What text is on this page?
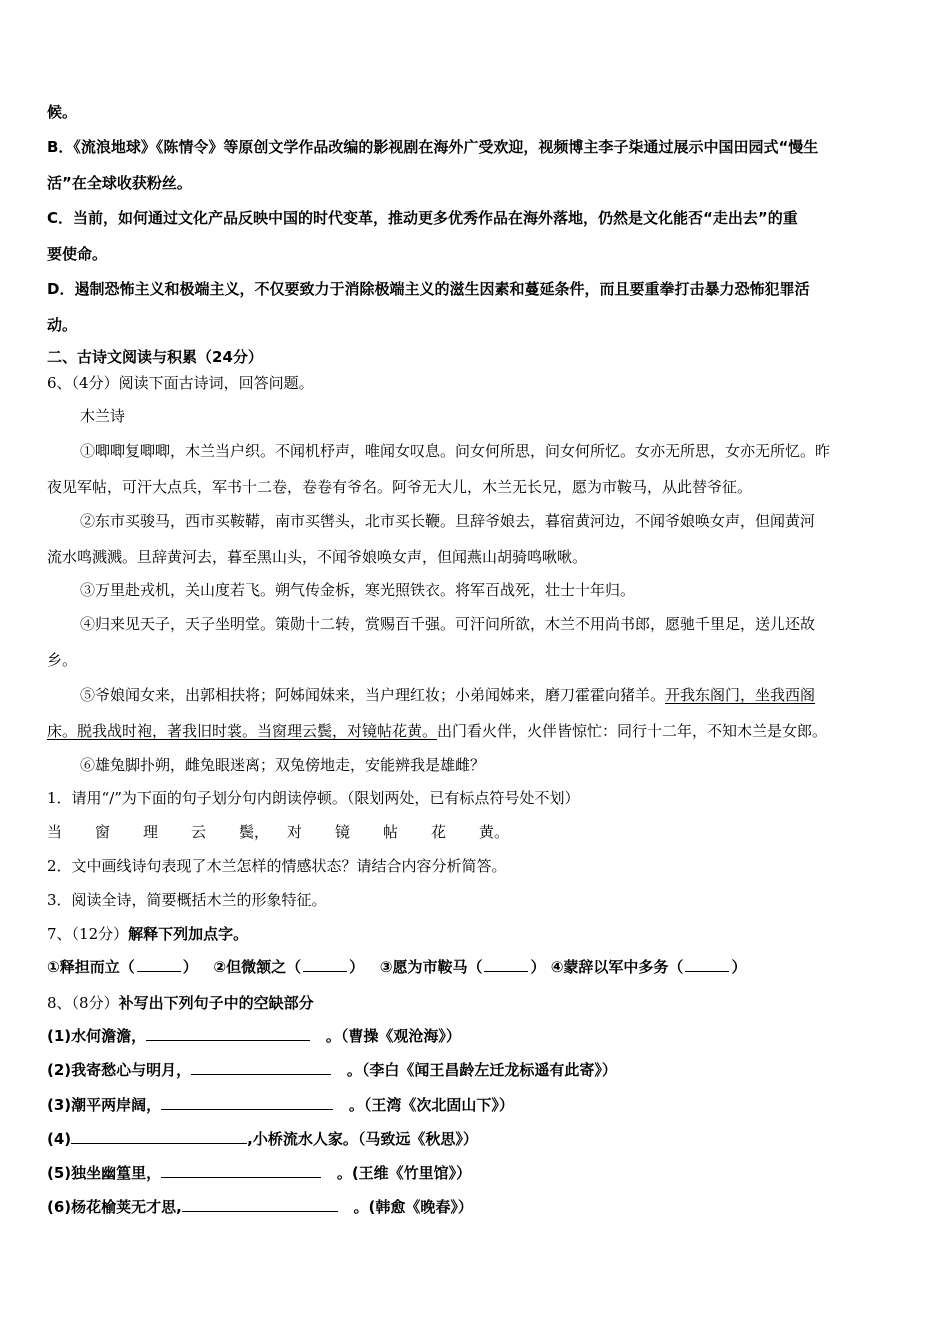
候。
B．《流浪地球》《陈情令》等原创文学作品改编的影视剧在海外广受欢迎，视频博主李子柒通过展示中国田园式“慢生
活”在全球收获粉丝。
C．当前，如何通过文化产品反映中国的时代变革，推动更多优秀作品在海外落地，仍然是文化能否“走出去”的重
要使命。
D．遏制恐怖主义和极端主义，不仅要致力于消除极端主义的滋生因素和蔓延条件，而且要重拳打击暴力恐怖犯罪活
动。
二、古诗文阅读与积累（24分）
6、（4分）阅读下面古诗词，回答问题。
木兰诗
①唧唧复唧唧，木兰当户织。不闻机杼声，唯闻女叹息。问女何所思，问女何所忆。女亦无所思，女亦无所忆。昨
夜见军帖，可汗大点兵，军书十二卷，卷卷有爷名。阿爷无大儿，木兰无长兄，愿为市鞍马，从此替爷征。
②东市买骏马，西市买鞍鞯，南市买辔头，北市买长鞭。旦辞爷娘去，暮宿黄河边，不闻爷娘唤女声，但闻黄河
流水鸣溅溅。旦辞黄河去，暮至黑山头，不闻爷娘唤女声，但闻燕山胡骑鸣啾啾。
③万里赴戎机，关山度若飞。朔气传金柝，寒光照铁衣。将军百战死，壮士十年归。
④归来见天子，天子坐明堂。策勋十二转，赏赐百千强。可汗问所欲，木兰不用尚书郎，愿驰千里足，送儿还故
乡。
⑤爷娘闻女来，出郭相扶将；阿姊闻妹来，当户理红妆；小弟闻姊来，磨刀霍霍向猪羊。开我东阁门，坐我西阁
床。脱我战时袍，著我旧时裳。当窗理云鬓，对镜帖花黄。出门看火伴，火伴皆惊忙：同行十二年，不知木兰是女郎。
⑥雄兔脚扑朔，雌兔眼迷离；双兔傍地走，安能辨我是雄雌？
1．请用“/”为下面的句子划分句内朗读停顿。（限划两处，已有标点符号处不划）
当 窗 理 云 鬓， 对 镜 帖 花 黄。
2．文中画线诗句表现了木兰怎样的情感状态？请结合内容分析简答。
3．阅读全诗，简要概括木兰的形象特征。
7、（12分）解释下列加点字。
①释担而立（	） ②但微颔之（	） ③愿为市鞍马（	） ④蒙辞以军中多务（	）
8、（8分）补写出下列句子中的空缺部分
(1)水何澹澹，	。（曹操《观沧海》）
(2)我寄愁心与明月，	。（李白《闻王昌龄左迁龙标遥有此寄》）
(3)潮平两岸阔，	。（王湾《次北固山下》）
(4)	,小桥流水人家。（马致远《秋思》）
(5)独坐幽篁里，	。(王维《竹里馆》）
(6)杨花榆荚无才思,	。(韩愈《晚春》）
